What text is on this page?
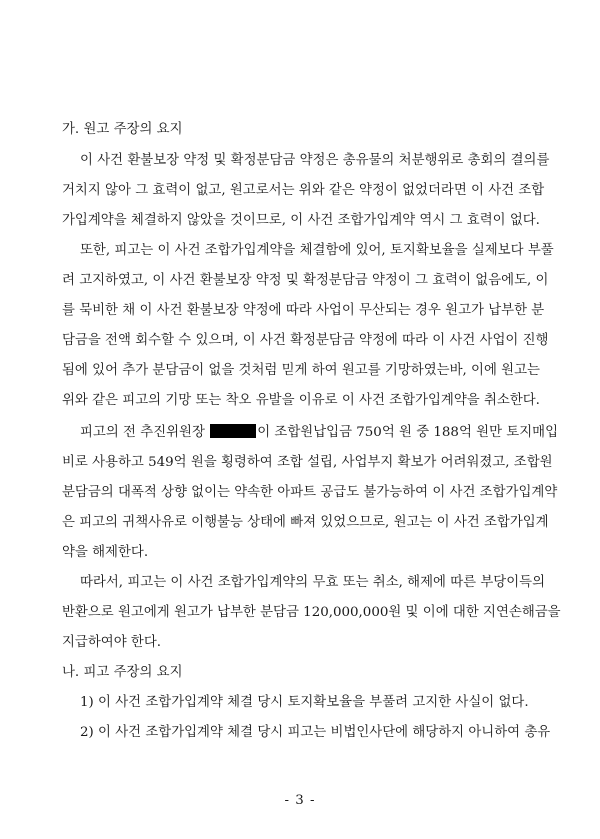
가. 원고 주장의 요지
이 사건 환불보장 약정 및 확정분담금 약정은 총유물의 처분행위로 총회의 결의를
거치지 않아 그 효력이 없고, 원고로서는 위와 같은 약정이 없었더라면 이 사건 조합
가입계약을 체결하지 않았을 것이므로, 이 사건 조합가입계약 역시 그 효력이 없다.
또한, 피고는 이 사건 조합가입계약을 체결함에 있어, 토지확보율을 실제보다 부풀
려 고지하였고, 이 사건 환불보장 약정 및 확정분담금 약정이 그 효력이 없음에도, 이
를 묵비한 채 이 사건 환불보장 약정에 따라 사업이 무산되는 경우 원고가 납부한 분
담금을 전액 회수할 수 있으며, 이 사건 확정분담금 약정에 따라 이 사건 사업이 진행
됨에 있어 추가 분담금이 없을 것처럼 믿게 하여 원고를 기망하였는바, 이에 원고는
위와 같은 피고의 기망 또는 착오 유발을 이유로 이 사건 조합가입계약을 취소한다.
피고의 전 추진위원장	이 조합원납입금 750억 원 중 188억 원만 토지매입
비로 사용하고 549억 원을 횡령하여 조합 설립, 사업부지 확보가 어려워졌고, 조합원
분담금의 대폭적 상향 없이는 약속한 아파트 공급도 불가능하여 이 사건 조합가입계약
은 피고의 귀책사유로 이행불능 상태에 빠져 있었으므로, 원고는 이 사건 조합가입계
약을 해제한다.
따라서, 피고는 이 사건 조합가입계약의 무효 또는 취소, 해제에 따른 부당이득의
반환으로 원고에게 원고가 납부한 분담금 120,000,000원 및 이에 대한 지연손해금을
지급하여야 한다.
나. 피고 주장의 요지
1) 이 사건 조합가입계약 체결 당시 토지확보율을 부풀려 고지한 사실이 없다.
2) 이 사건 조합가입계약 체결 당시 피고는 비법인사단에 해당하지 아니하여 총유
- 3 -
